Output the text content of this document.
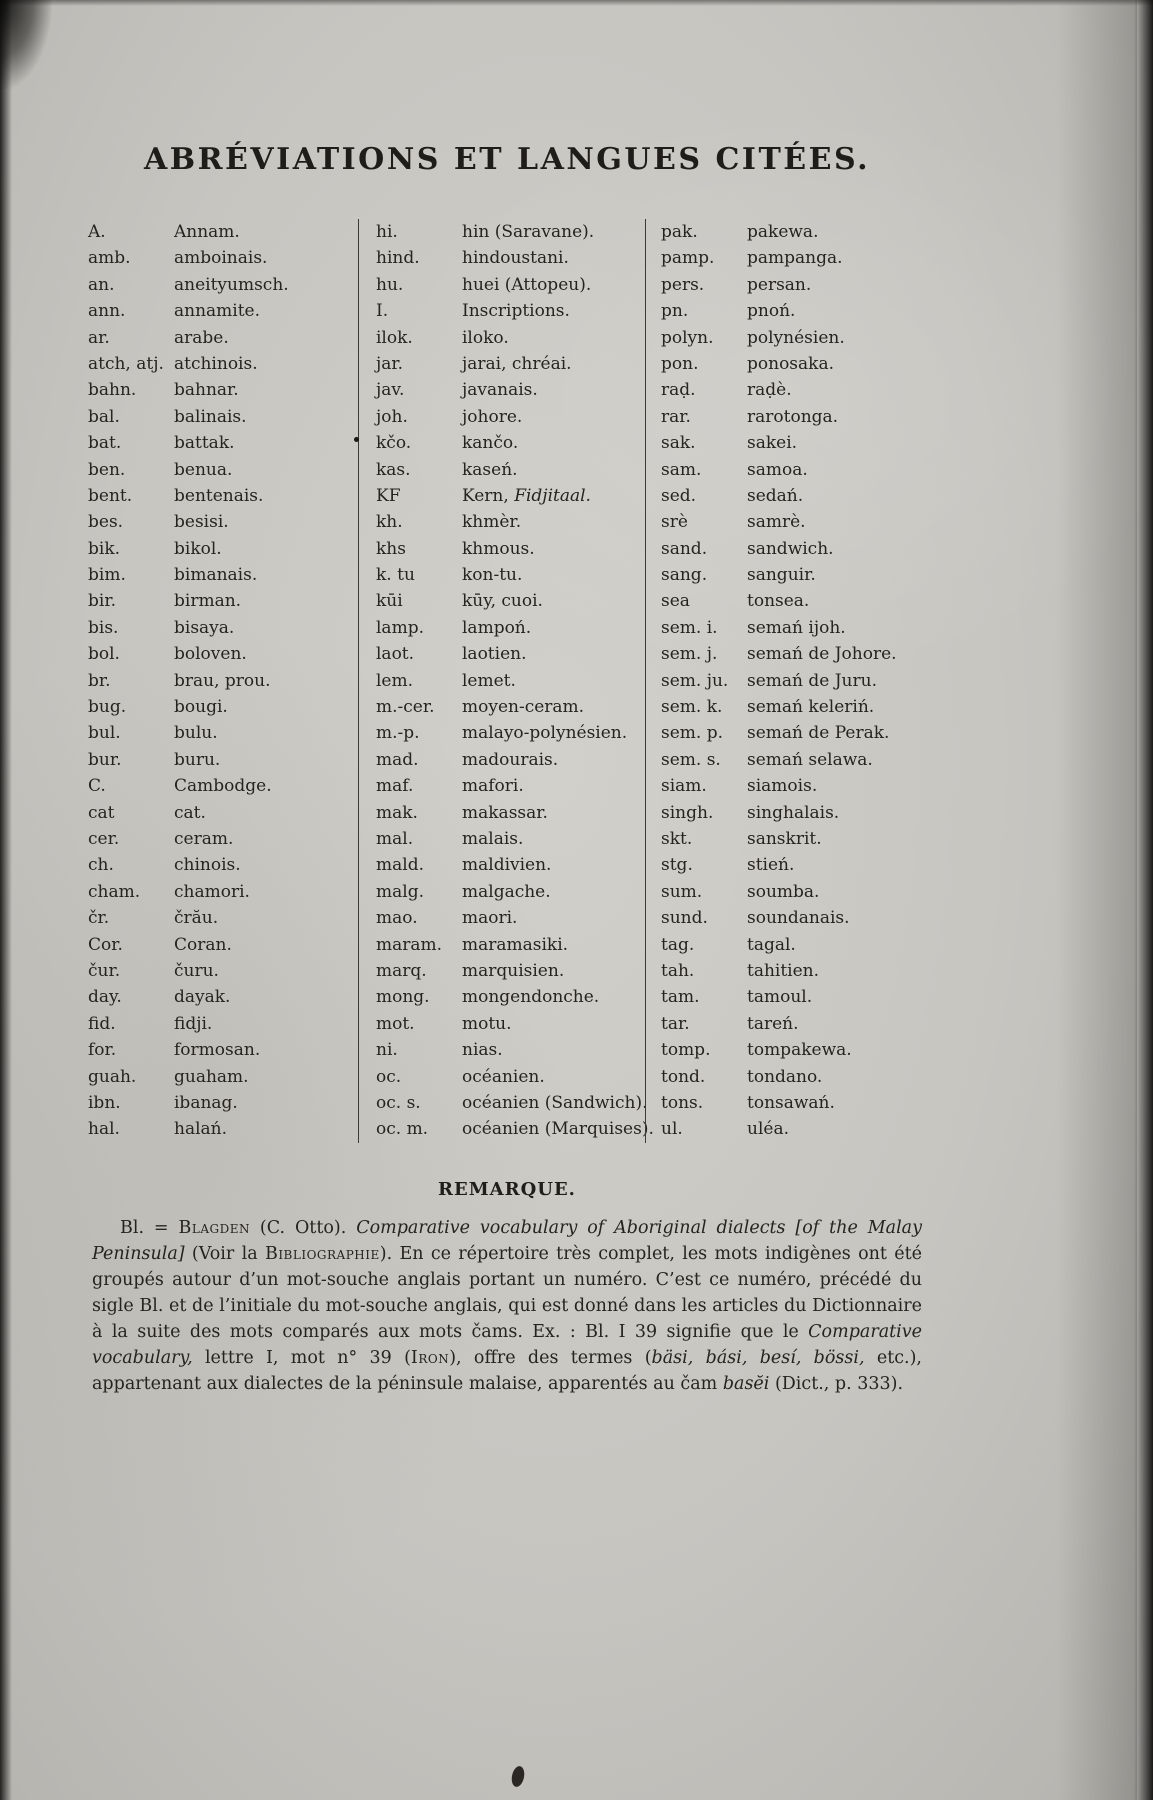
ABRÉVIATIONS ET LANGUES CITÉES.
A.	Annam.
amb.	amboinais.
an.	aneityumsch.
ann.	annamite.
ar.	arabe.
atch, atj. atchinois.
bahn.	bahnar.
bal.	balinais.
bat.	battak.
ben.	benua.
bent.	bentenais.
bes.	besisi.
bik.	bikol.
bim.	bimanais.
bir.	birman.
bis.	bisaya.
bol.	boloven.
br.	brau, prou.
bug.	bougi.
bul.	bulu.
bur.	buru.
C.	Cambodge.
cat	cat.
cer.	ceram.
ch.	chinois.
cham.	chamori.
čr.	črău.
Cor.	Coran.
čur.	čuru.
day.	dayak.
fid.	fidji.
for.	formosan.
guah.	guaham.
ibn.	ibanag.
hal.	halań.
hi.	hin (Saravane).
hind.	hindoustani.
hu.	huei (Attopeu).
I.	Inscriptions.
ilok.	iloko.
jar.	jarai, chréai.
jav.	javanais.
joh.	johore.
kčo.	kančo.
kas.	kaseń.
KF	Kern, Fidjitaal.
kh.	khmèr.
khs	khmous.
k. tu	kon-tu.
kūi	kūy, cuoi.
lamp.	lampoń.
laot.	laotien.
lem.	lemet.
m.-cer.	moyen-ceram.
m.-p.	malayo-polynésien.
mad.	madourais.
maf.	mafori.
mak.	makassar.
mal.	malais.
mald.	maldivien.
malg.	malgache.
mao.	maori.
maram.	maramasiki.
marq.	marquisien.
mong.	mongendonche.
mot.	motu.
ni.	nias.
oc.	océanien.
oc. s.	océanien (Sandwich).
oc. m.	océanien (Marquises).
pak.	pakewa.
pamp.	pampanga.
pers.	persan.
pn.	pnoń.
polyn.	polynésien.
pon.	ponosaka.
raḍ.	raḍè.
rar.	rarotonga.
sak.	sakei.
sam.	samoa.
sed.	sedań.
srè	samrè.
sand.	sandwich.
sang.	sanguir.
sea	tonsea.
sem. i.	semań ijoh.
sem. j.	semań de Johore.
sem. ju.	semań de Juru.
sem. k.	semań keleriń.
sem. p.	semań de Perak.
sem. s.	semań selawa.
siam.	siamois.
singh.	singhalais.
skt.	sanskrit.
stg.	stień.
sum.	soumba.
sund.	soundanais.
tag.	tagal.
tah.	tahitien.
tam.	tamoul.
tar.	tareń.
tomp.	tompakewa.
tond.	tondano.
tons.	tonsawań.
ul.	uléa.
REMARQUE.

Bl. = Blagden (C. Otto). Comparative vocabulary of Aboriginal dialects [of the Malay Peninsula] (Voir la Bibliographie). En ce répertoire très complet, les mots indigènes ont été groupés autour d’un mot-souche anglais portant un numéro. C’est ce numéro, précédé du sigle Bl. et de l’initiale du mot-souche anglais, qui est donné dans les articles du Dictionnaire à la suite des mots comparés aux mots čams. Ex. : Bl. I 39 signifie que le Comparative vocabulary, lettre I, mot n° 39 (Iron), offre des termes (bäsi, bási, besí, bössi, etc.), appartenant aux dialectes de la péninsule malaise, apparentés au čam basĕi (Dict., p. 333).
